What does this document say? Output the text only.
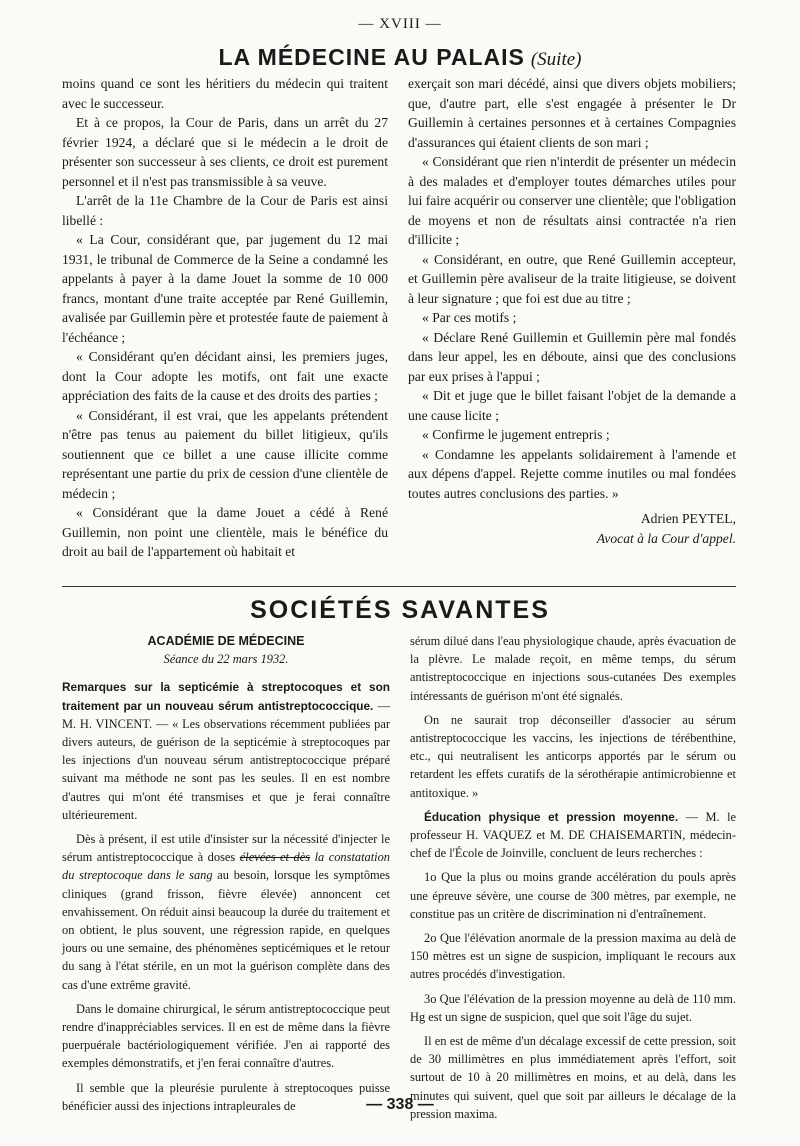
— XVIII —
LA MÉDECINE AU PALAIS (Suite)

moins quand ce sont les héritiers du médecin qui traitent avec le successeur.

Et à ce propos, la Cour de Paris, dans un arrêt du 27 février 1924, a déclaré que si le médecin a le droit de présenter son successeur à ses clients, ce droit est purement personnel et il n'est pas transmissible à sa veuve.

L'arrêt de la 11e Chambre de la Cour de Paris est ainsi libellé :

« La Cour, considérant que, par jugement du 12 mai 1931, le tribunal de Commerce de la Seine a condamné les appelants à payer à la dame Jouet la somme de 10 000 francs, montant d'une traite acceptée par René Guillemin, avalisée par Guillemin père et protestée faute de paiement à l'échéance ;

« Considérant qu'en décidant ainsi, les premiers juges, dont la Cour adopte les motifs, ont fait une exacte appréciation des faits de la cause et des droits des parties ;

« Considérant, il est vrai, que les appelants prétendent n'être pas tenus au paiement du billet litigieux, qu'ils soutiennent que ce billet a une cause illicite comme représentant une partie du prix de cession d'une clientèle de médecin ;

« Considérant que la dame Jouet a cédé à René Guillemin, non point une clientèle, mais le bénéfice du droit au bail de l'appartement où habitait et

exerçait son mari décédé, ainsi que divers objets mobiliers; que, d'autre part, elle s'est engagée à présenter le Dr Guillemin à certaines personnes et à certaines Compagnies d'assurances qui étaient clients de son mari ;

« Considérant que rien n'interdit de présenter un médecin à des malades et d'employer toutes démarches utiles pour lui faire acquérir ou conserver une clientèle; que l'obligation de moyens et non de résultats ainsi contractée n'a rien d'illicite ;

« Considérant, en outre, que René Guillemin accepteur, et Guillemin père avaliseur de la traite litigieuse, se doivent à leur signature ; que foi est due au titre ;

« Par ces motifs ;

« Déclare René Guillemin et Guillemin père mal fondés dans leur appel, les en déboute, ainsi que des conclusions par eux prises à l'appui ;

« Dit et juge que le billet faisant l'objet de la demande a une cause licite ;

« Confirme le jugement entrepris ;

« Condamne les appelants solidairement à l'amende et aux dépens d'appel. Rejette comme inutiles ou mal fondées toutes autres conclusions des parties. »

Adrien PEYTEL,
Avocat à la Cour d'appel.
SOCIÉTÉS SAVANTES

ACADÉMIE DE MÉDECINE

Séance du 22 mars 1932.

Remarques sur la septicémie à streptocoques et son traitement par un nouveau sérum antistreptococcique. — M. H. VINCENT. — « Les observations récemment publiées par divers auteurs, de guérison de la septicémie à streptocoques par les injections d'un nouveau sérum antistreptococcique préparé suivant ma méthode ne sont pas les seules. Il en est nombre d'autres qui m'ont été transmises et que je ferai connaître ultérieurement.

Dès à présent, il est utile d'insister sur la nécessité d'injecter le sérum antistreptococcique à doses élevées et dès la constatation du streptocoque dans le sang au besoin, lorsque les symptômes cliniques (grand frisson, fièvre élevée) annoncent cet envahissement. On réduit ainsi beaucoup la durée du traitement et on obtient, le plus souvent, une régression rapide, en quelques jours ou une semaine, des phénomènes septicémiques et le retour du sang à l'état stérile, en un mot la guérison complète dans des cas d'une extrême gravité.

Dans le domaine chirurgical, le sérum antistreptococcique peut rendre d'inappréciables services. Il en est de même dans la fièvre puerpuérale bactériologiquement vérifiée. J'en ai rapporté des exemples démonstratifs, et j'en ferai connaître d'autres.

Il semble que la pleurésie purulente à streptocoques puisse bénéficier aussi des injections intrapleurales de

sérum dilué dans l'eau physiologique chaude, après évacuation de la plèvre. Le malade reçoit, en même temps, du sérum antistreptococcique en injections sous-cutanées Des exemples intéressants de guérison m'ont été signalés.

On ne saurait trop déconseiller d'associer au sérum antistreptococcique les vaccins, les injections de térébenthine, etc., qui neutralisent les anticorps apportés par le sérum ou retardent les effets curatifs de la sérothérapie antimicrobienne et antitoxique. »

Éducation physique et pression moyenne. — M. le professeur H. VAQUEZ et M. DE CHAISEMARTIN, médecin-chef de l'École de Joinville, concluent de leurs recherches :

1o Que la plus ou moins grande accélération du pouls après une épreuve sévère, une course de 300 mètres, par exemple, ne constitue pas un critère de discrimination ni d'entraînement.

2o Que l'élévation anormale de la pression maxima au delà de 150 mètres est un signe de suspicion, impliquant le recours aux autres procédés d'investigation.

3o Que l'élévation de la pression moyenne au delà de 110 mm. Hg est un signe de suspicion, quel que soit l'âge du sujet.

Il en est de même d'un décalage excessif de cette pression, soit de 30 millimètres en plus immédiatement après l'effort, soit surtout de 10 à 20 millimètres en moins, et au delà, dans les minutes qui suivent, quel que soit par ailleurs le décalage de la pression maxima.

— 338 —
